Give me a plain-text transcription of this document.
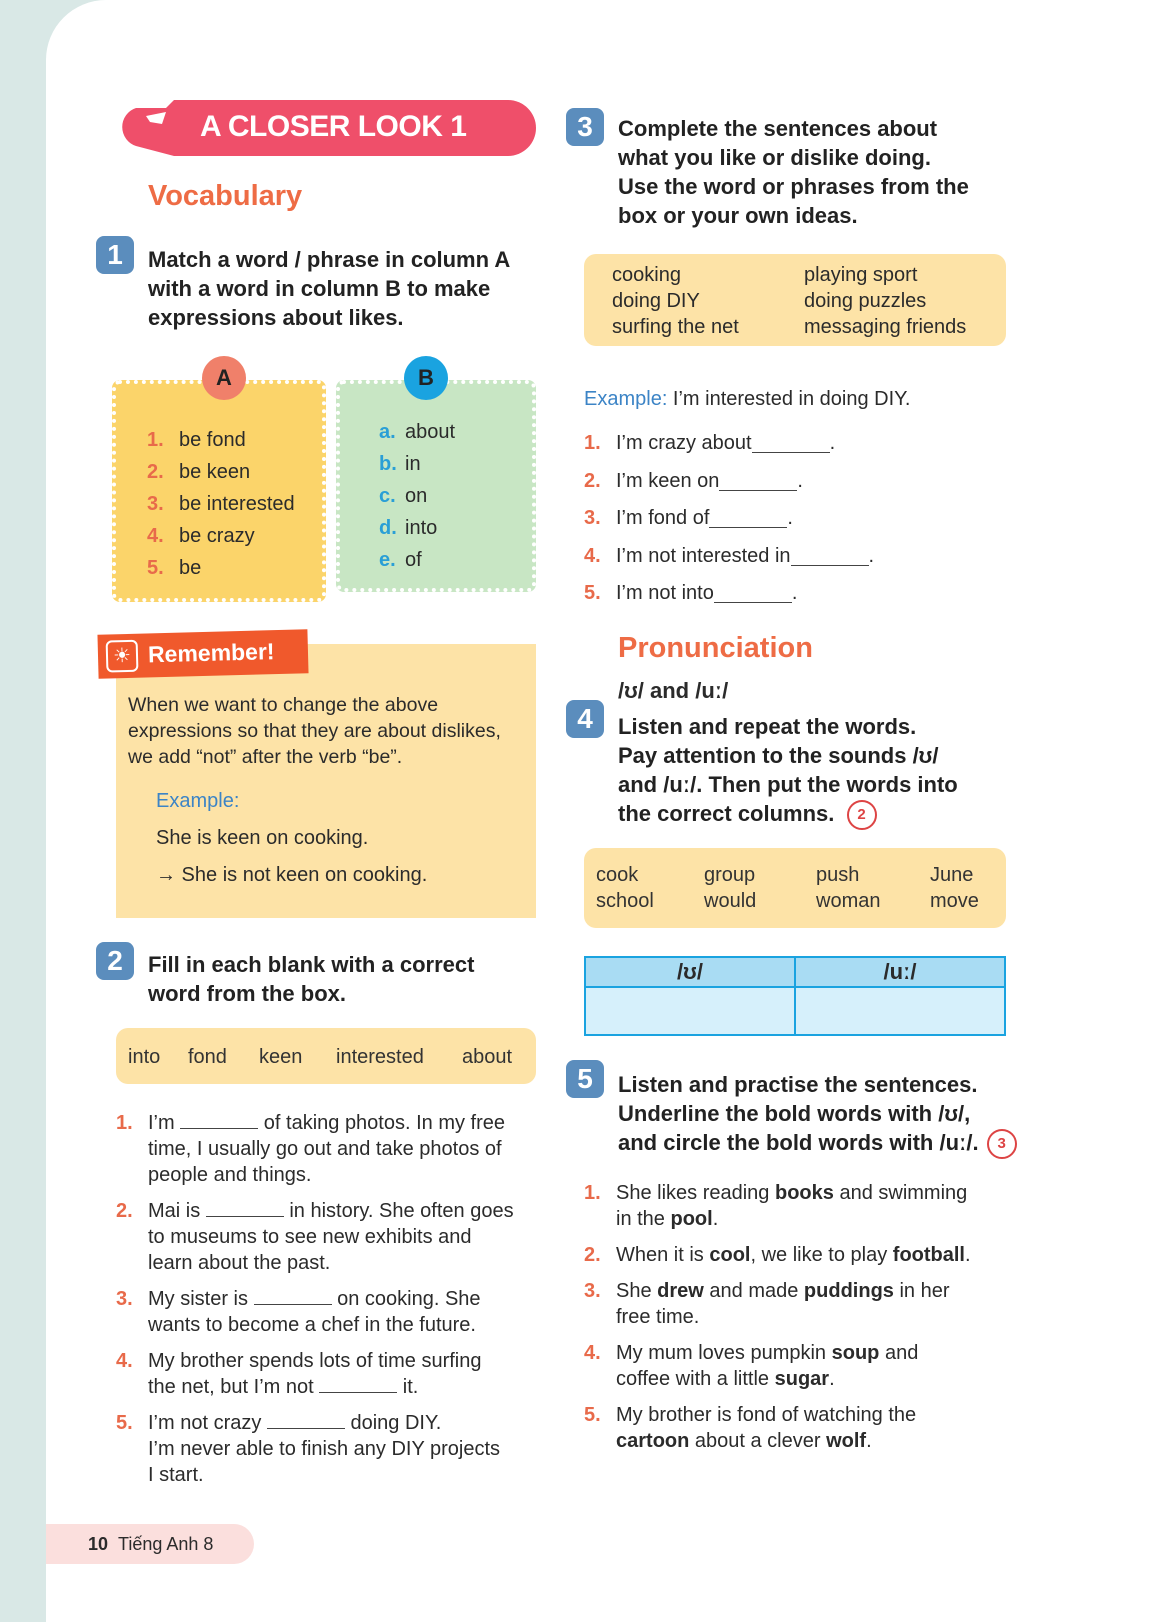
A CLOSER LOOK 1
Vocabulary
1	Match a word / phrase in column A
with a word in column B to make
expressions about likes.
A
1. be fond
2. be keen
3. be interested
4. be crazy
5. be
B
a. about
b. in
c. on
d. into
e. of
☀ Remember!
When we want to change the above
expressions so that they are about dislikes,
we add “not” after the verb “be”.
Example:
She is keen on cooking.
→ She is not keen on cooking.
2	Fill in each blank with a correct
word from the box.
into fond keen interested about
1. I’m	of taking photos. In my free
time, I usually go out and take photos of
people and things.
2. Mai is	in history. She often goes
to museums to see new exhibits and
learn about the past.
3. My sister is	on cooking. She
wants to become a chef in the future.
4. My brother spends lots of time surfing
the net, but I’m not	it.
5. I’m not crazy	doing DIY.
I’m never able to finish any DIY projects
I start.
3	Complete the sentences about
what you like or dislike doing.
Use the word or phrases from the
box or your own ideas.
cooking
doing DIY
surfing the net
playing sport
doing puzzles
messaging friends
Example: I’m interested in doing DIY.
1. I’m crazy about	.
2. I’m keen on	.
3. I’m fond of	.
4. I’m not interested in	.
5. I’m not into	.
Pronunciation
/ʊ/ and /uː/
4	Listen and repeat the words.
Pay attention to the sounds /ʊ/
and /uː/. Then put the words into
the correct columns. 2
cook	group	push	June
school	would	woman move
/ʊ/	/uː/

5	Listen and practise the sentences.
Underline the bold words with /ʊ/,
and circle the bold words with /uː/. 3
1. She likes reading books and swimming
in the pool.
2. When it is cool, we like to play football.
3. She drew and made puddings in her
free time.
4. My mum loves pumpkin soup and
coffee with a little sugar.
5. My brother is fond of watching the
cartoon about a clever wolf.
10 Tiếng Anh 8
